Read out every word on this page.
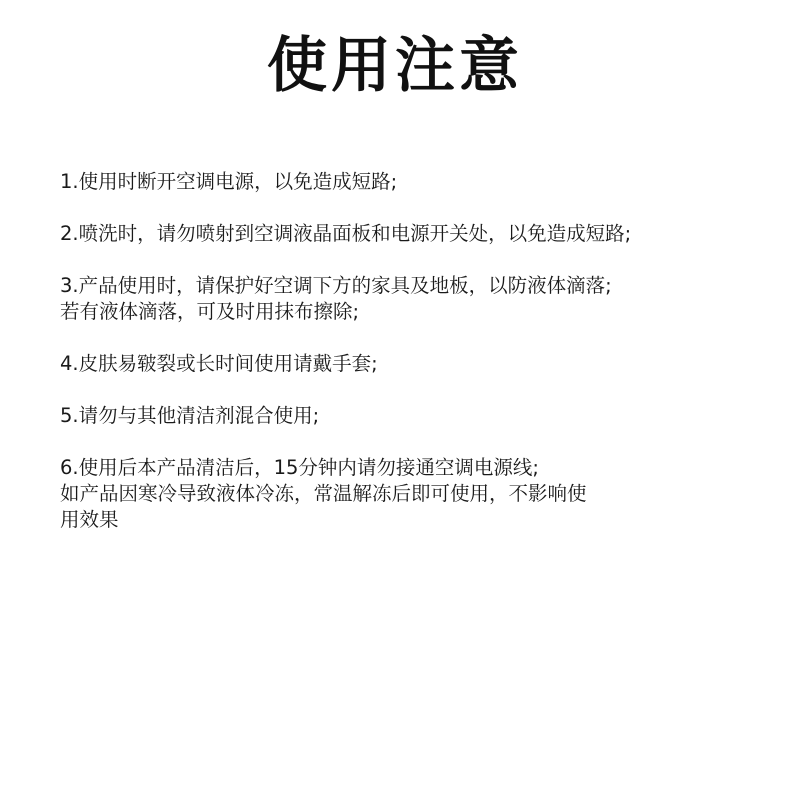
使用注意
1.使用时断开空调电源，以免造成短路;
2.喷洗时，请勿喷射到空调液晶面板和电源开关处，以免造成短路;
3.产品使用时，请保护好空调下方的家具及地板，以防液体滴落;
若有液体滴落，可及时用抹布擦除;
4.皮肤易皲裂或长时间使用请戴手套;
5.请勿与其他清洁剂混合使用;
6.使用后本产品清洁后，15分钟内请勿接通空调电源线;
如产品因寒冷导致液体冷冻，常温解冻后即可使用，不影响使
用效果
